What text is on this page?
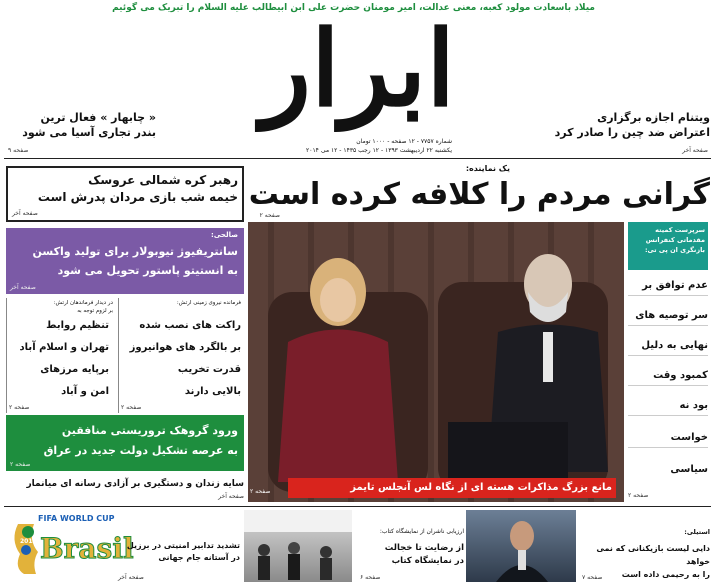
میلاد باسعادت مولود کعبه، معنی عدالت، امیر مومنان حضرت علی ابن ابیطالب علیه السلام را تبریک می گوئیم
ابرار
شماره ۷۷۵۷ - ۱۲ صفحه - ۱۰۰۰ تومان
یکشنبه ۲۲ اردیبهشت ۱۳۹۳ - ۱۲ رجب ۱۴۳۵ - ۱۲ می ۲۰۱۴
« چابهار » فعال ترین
بندر تجاری آسیا می شود
صفحه ۹
ویتنام اجازه برگزاری
اعتراض ضد چین را صادر کرد
صفحه آخر
یک نماینده:
گرانی مردم را کلافه کرده است
صفحه ۲
رهبر کره شمالی عروسک
خیمه شب بازی مردان پدرش است
صفحه آخر
صالحی:
سانتریفیوژ تیوبولار برای تولید واکسن
به انستیتو پاستور تحویل می شود
صفحه آخر
در دیدار فرماندهان ارتش:
بر لزوم توجه به
تنظیم روابط
تهران و اسلام آباد
برپایه مرزهای
امن و آباد
صفحه ۲
فرمانده نیروی زمینی ارتش:
راکت های نصب شده
بر بالگرد های هوانیروز
قدرت تخریب
بالایی دارند
صفحه ۲
ورود گروهک تروریستی منافقین
به عرصه تشکیل دولت جدید در عراق
صفحه ۲
سایه زندان و دستگیری بر آزادی رسانه ای میانمار
صفحه آخر
مانع بزرگ مذاکرات هسته ای از نگاه لس آنجلس تایمز
صفحه ۲
سرپرست کمیته مقدماتی کنفرانس بازنگری ان پی تی:
عدم توافق بر
سر توصیه های
نهایی به دلیل
کمبود وقت
بود نه
خواست
سیاسی
صفحه ۲
FIFA WORLD CUP
2014 Brasil	تشدید تدابیر امنیتی در برزیل
در آستانه جام جهانی
صفحه آخر
ارزیابی ناشران از نمایشگاه کتاب:
از رضایت تا خجالت
در نمایشگاه کتاب
صفحه ۶
استیلی:
دایی لیست بازیکنانی که نمی خواهد
را به رحیمی داده است
صفحه ۷
